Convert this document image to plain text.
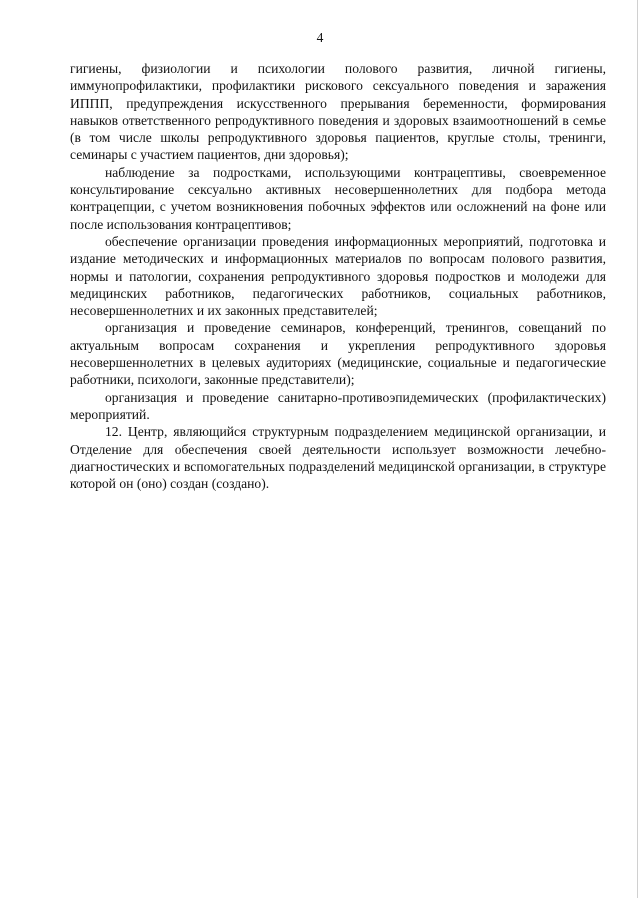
4

гигиены, физиологии и психологии полового развития, личной гигиены, иммунопрофилактики, профилактики рискового сексуального поведения и заражения ИППП, предупреждения искусственного прерывания беременности, формирования навыков ответственного репродуктивного поведения и здоровых взаимоотношений в семье (в том числе школы репродуктивного здоровья пациентов, круглые столы, тренинги, семинары с участием пациентов, дни здоровья);

наблюдение за подростками, использующими контрацептивы, своевременное консультирование сексуально активных несовершеннолетних для подбора метода контрацепции, с учетом возникновения побочных эффектов или осложнений на фоне или после использования контрацептивов;

обеспечение организации проведения информационных мероприятий, подготовка и издание методических и информационных материалов по вопросам полового развития, нормы и патологии, сохранения репродуктивного здоровья подростков и молодежи для медицинских работников, педагогических работников, социальных работников, несовершеннолетних и их законных представителей;

организация и проведение семинаров, конференций, тренингов, совещаний по актуальным вопросам сохранения и укрепления репродуктивного здоровья несовершеннолетних в целевых аудиториях (медицинские, социальные и педагогические работники, психологи, законные представители);

организация и проведение санитарно-противоэпидемических (профилактических) мероприятий.

12. Центр, являющийся структурным подразделением медицинской организации, и Отделение для обеспечения своей деятельности использует возможности лечебно-диагностических и вспомогательных подразделений медицинской организации, в структуре которой он (оно) создан (создано).
